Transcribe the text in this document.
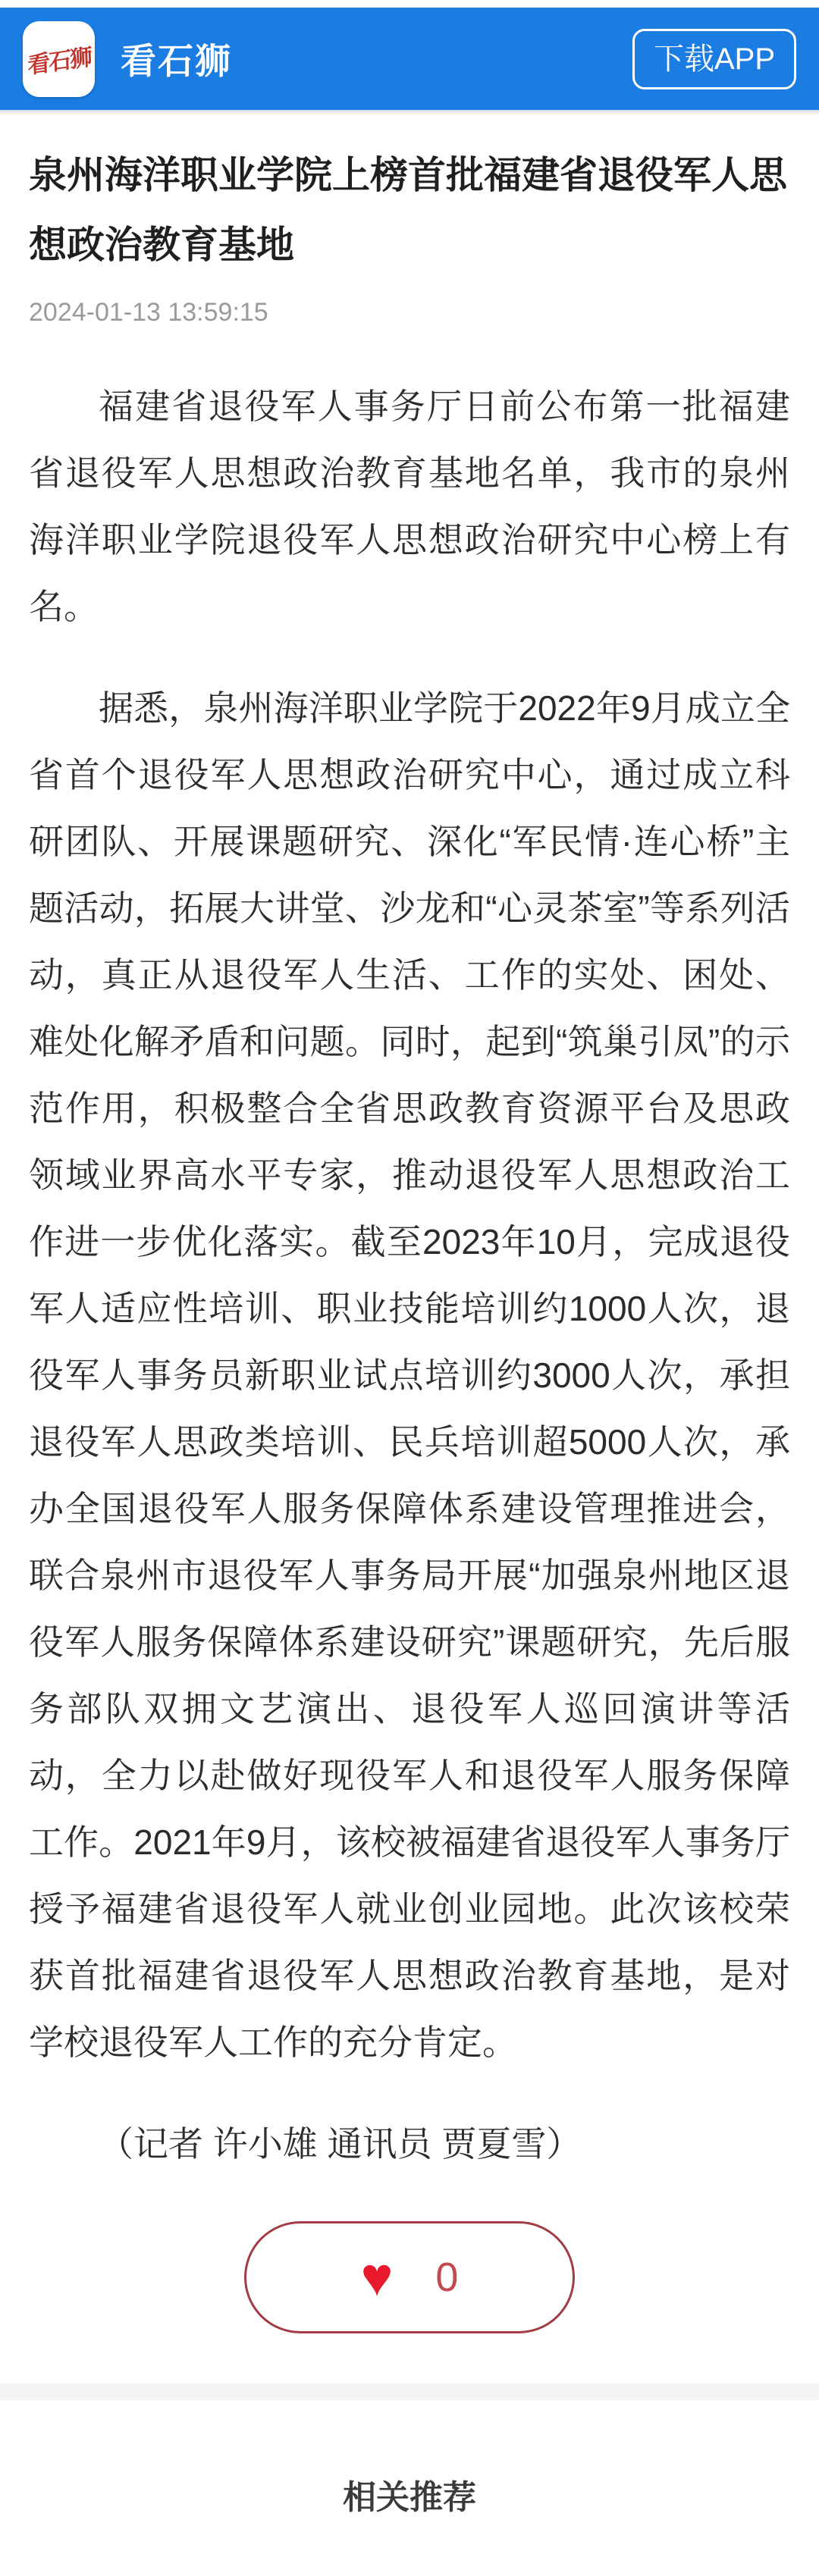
看石狮 看石狮	下载APP
泉州海洋职业学院上榜首批福建省退役军人思想政治教育基地
2024-01-13 13:59:15

福建省退役军人事务厅日前公布第一批福建省退役军人思想政治教育基地名单，我市的泉州海洋职业学院退役军人思想政治研究中心榜上有名。

据悉，泉州海洋职业学院于2022年9月成立全省首个退役军人思想政治研究中心，通过成立科研团队、开展课题研究、深化“军民情·连心桥”主题活动，拓展大讲堂、沙龙和“心灵茶室”等系列活动，真正从退役军人生活、工作的实处、困处、难处化解矛盾和问题。同时，起到“筑巢引凤”的示范作用，积极整合全省思政教育资源平台及思政领域业界高水平专家，推动退役军人思想政治工作进一步优化落实。截至2023年10月，完成退役军人适应性培训、职业技能培训约1000人次，退役军人事务员新职业试点培训约3000人次，承担退役军人思政类培训、民兵培训超5000人次，承办全国退役军人服务保障体系建设管理推进会，联合泉州市退役军人事务局开展“加强泉州地区退役军人服务保障体系建设研究”课题研究，先后服务部队双拥文艺演出、退役军人巡回演讲等活动，全力以赴做好现役军人和退役军人服务保障工作。2021年9月，该校被福建省退役军人事务厅授予福建省退役军人就业创业园地。此次该校荣获首批福建省退役军人思想政治教育基地，是对学校退役军人工作的充分肯定。

（记者 许小雄 通讯员 贾夏雪）

♥ 0
相关推荐
